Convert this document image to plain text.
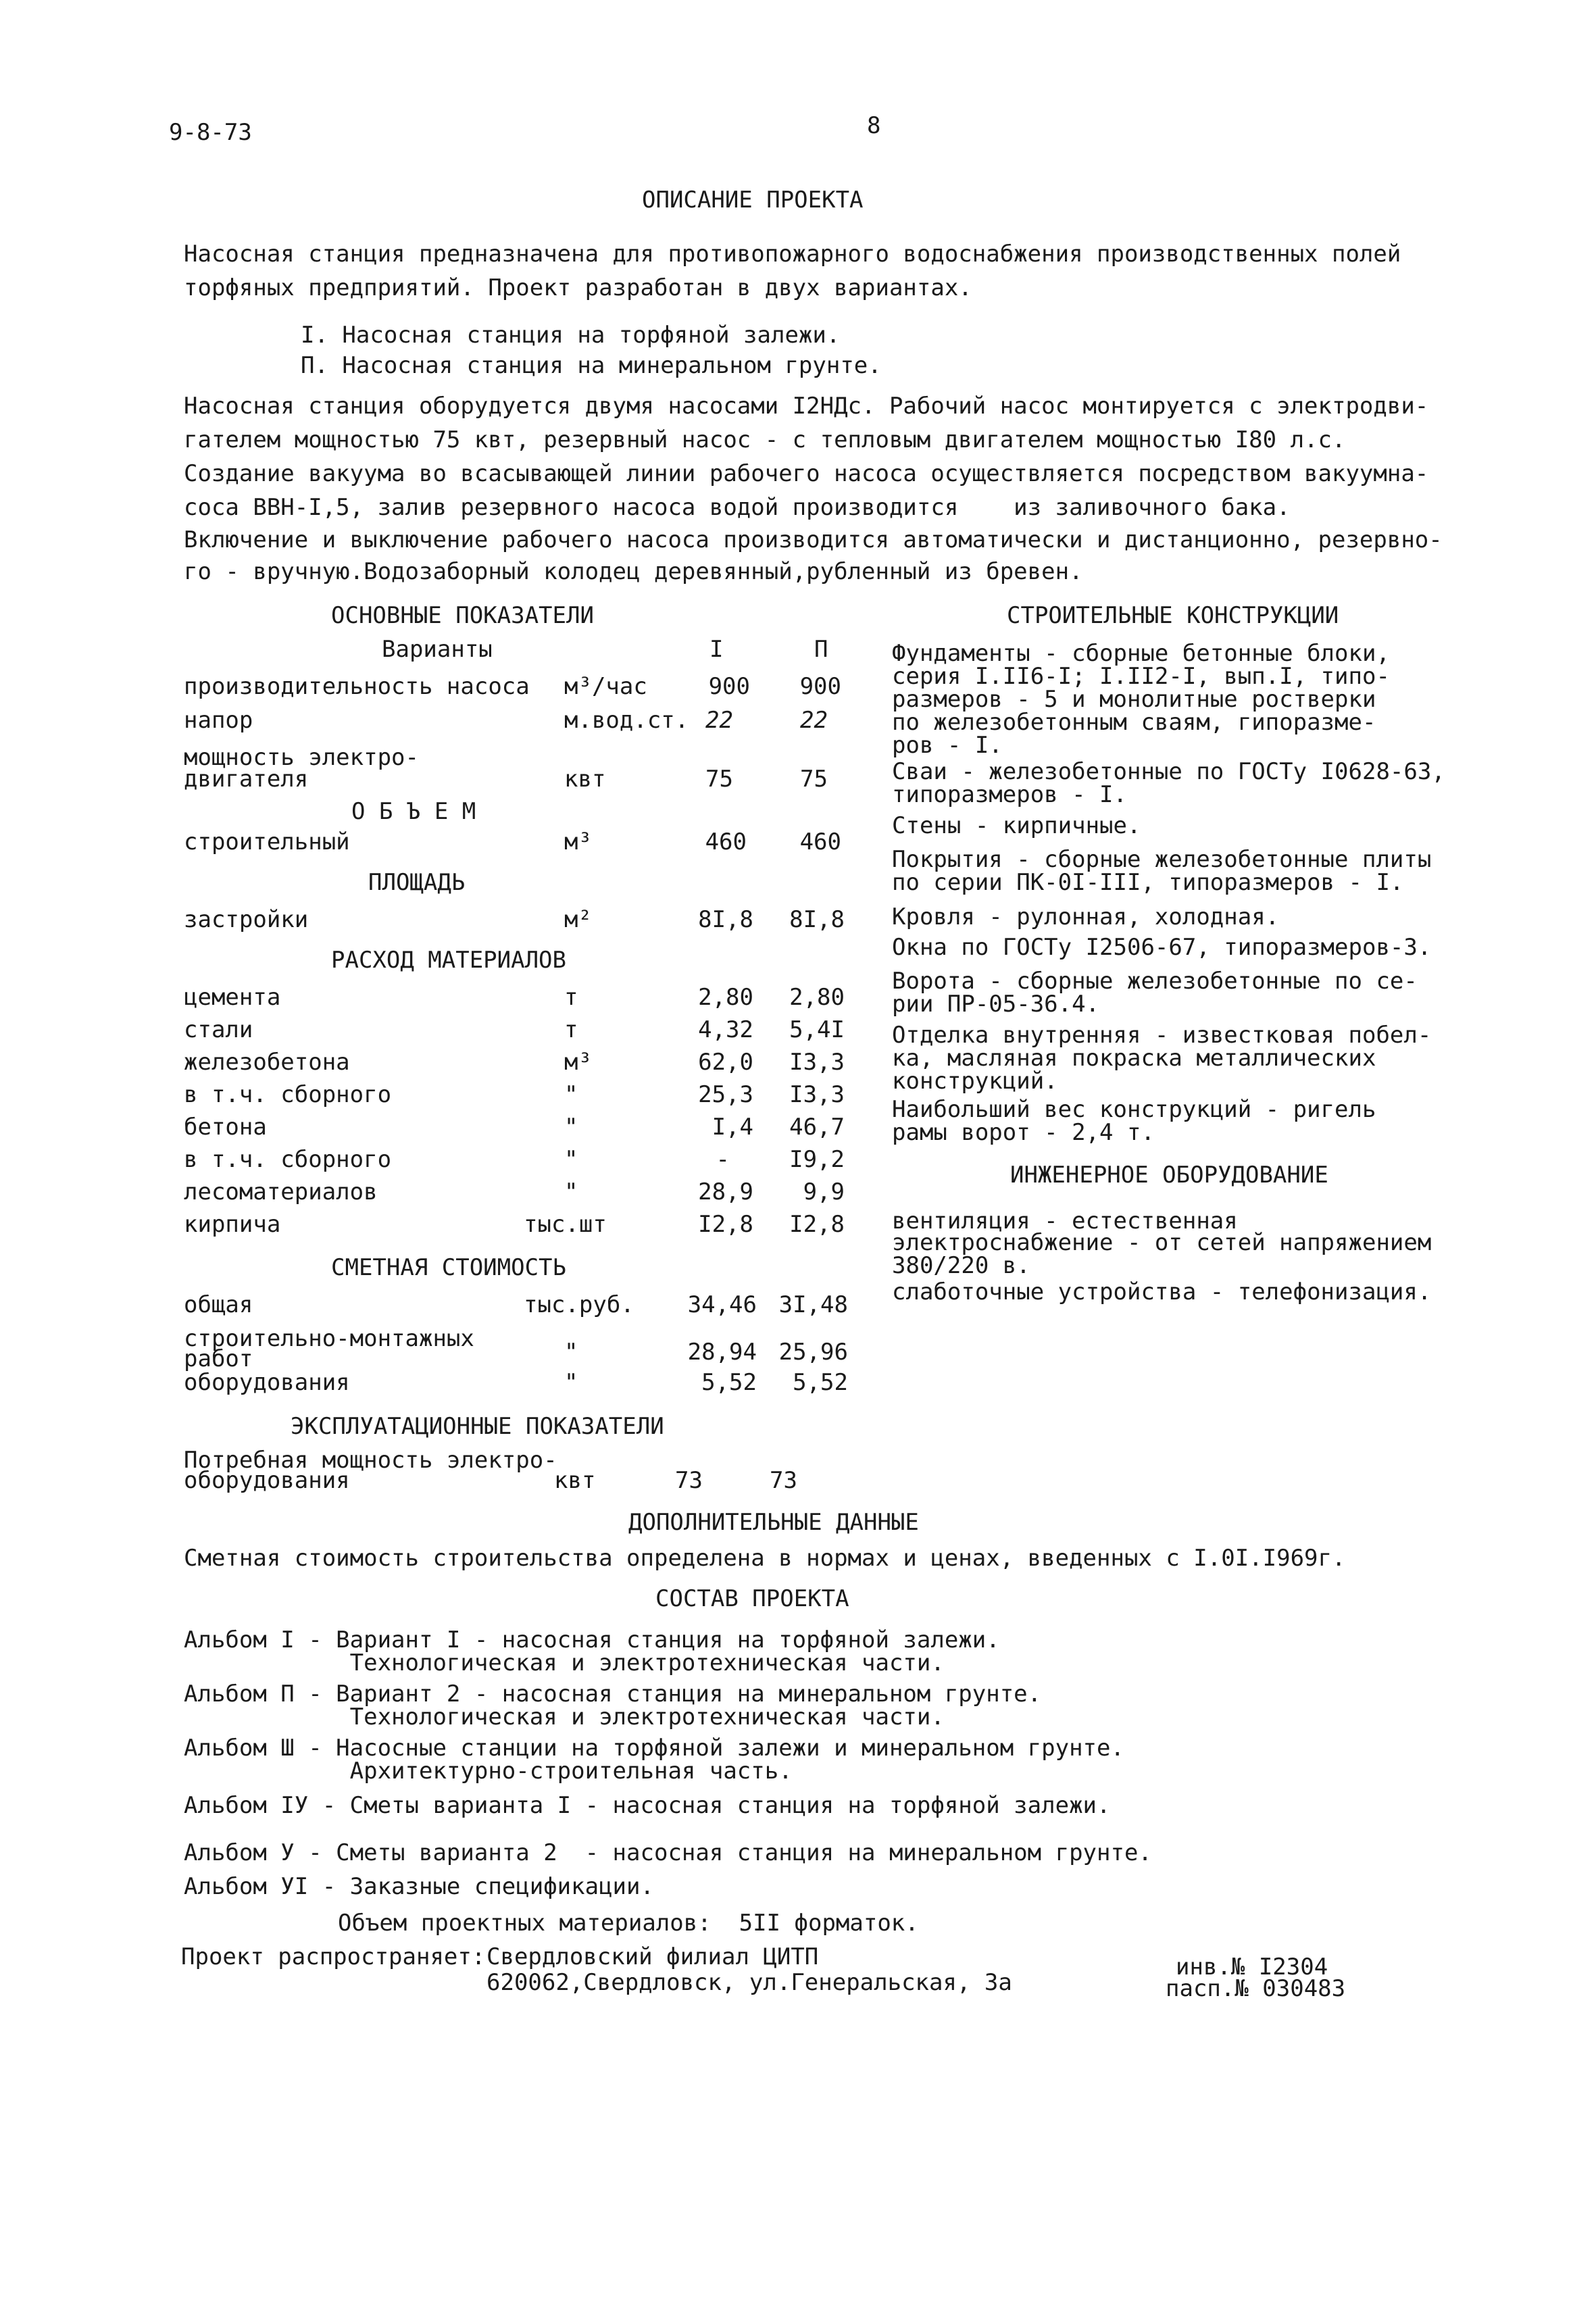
9-8-73	8
ОПИСАНИЕ ПРОЕКТА
Насосная станция предназначена для противопожарного водоснабжения производственных полей
торфяных предприятий. Проект разработан в двух вариантах.
I. Насосная станция на торфяной залежи.
П. Насосная станция на минеральном грунте.
Насосная станция оборудуется двумя насосами I2НДс. Рабочий насос монтируется с электродви-
гателем мощностью 75 квт, резервный насос - с тепловым двигателем мощностью I80 л.с.
Создание вакуума во всасывающей линии рабочего насоса осуществляется посредством вакуумна-
соса ВВН-I,5, залив резервного насоса водой производится    из заливочного бака.
Включение и выключение рабочего насоса производится автоматически и дистанционно, резервно-
го - вручную.Водозаборный колодец деревянный,рубленный из бревен.
ОСНОВНЫЕ ПОКАЗАТЕЛИ
Варианты	I	П
производительность насоса м³/час	900	900
напор	м.вод.ст. 22	22
мощность электро-
двигателя	квт	75	75
О Б Ъ Е М
строительный	м³	460	460
ПЛОЩАДЬ
застройки	м²	8I,8	8I,8
РАСХОД МАТЕРИАЛОВ
цемента	т	2,80	2,80
стали	т	4,32	5,4I
железобетона	м³	62,0	I3,3
в т.ч. сборного	"	25,3	I3,3
бетона	"	I,4	46,7
в т.ч. сборного	"	-	I9,2
лесоматериалов	"	28,9	9,9
кирпича	тыс.шт	I2,8	I2,8
СМЕТНАЯ СТОИМОСТЬ
общая	тыс.руб.	34,46 3I,48
строительно-монтажных
работ	"	28,94 25,96
оборудования	"	5,52	5,52
ЭКСПЛУАТАЦИОННЫЕ ПОКАЗАТЕЛИ
Потребная мощность электро-
оборудования	квт	73	73
СТРОИТЕЛЬНЫЕ КОНСТРУКЦИИ
Фундаменты - сборные бетонные блоки,
серия I.II6-I; I.II2-I, вып.I, типо-
размеров - 5 и монолитные ростверки
по железобетонным сваям, гипоразме-
ров - I.
Сваи - железобетонные по ГОСТу I0628-63,
типоразмеров - I.
Стены - кирпичные.
Покрытия - сборные железобетонные плиты
по серии ПК-0I-III, типоразмеров - I.
Кровля - рулонная, холодная.
Окна по ГОСТу I2506-67, типоразмеров-3.
Ворота - сборные железобетонные по се-
рии ПР-05-36.4.
Отделка внутренняя - известковая побел-
ка, масляная покраска металлических
конструкций.
Наибольший вес конструкций - ригель
рамы ворот - 2,4 т.
ИНЖЕНЕРНОЕ ОБОРУДОВАНИЕ
вентиляция - естественная
электроснабжение - от сетей напряжением
380/220 в.
слаботочные устройства - телефонизация.
ДОПОЛНИТЕЛЬНЫЕ ДАННЫЕ
Сметная стоимость строительства определена в нормах и ценах, введенных с I.0I.I969г.
СОСТАВ ПРОЕКТА
Альбом I - Вариант I - насосная станция на торфяной залежи.
Технологическая и электротехническая части.
Альбом П - Вариант 2 - насосная станция на минеральном грунте.
Технологическая и электротехническая части.
Альбом Ш - Насосные станции на торфяной залежи и минеральном грунте.
Архитектурно-строительная часть.
Альбом IУ - Сметы варианта I - насосная станция на торфяной залежи.
Альбом У - Сметы варианта 2  - насосная станция на минеральном грунте.
Альбом УI - Заказные спецификации.
Объем проектных материалов:  5II форматок.
Проект распространяет: Свердловский филиал ЦИТП
620062,Свердловск, ул.Генеральская, 3а
инв.№ I2304
пасп.№ 030483
